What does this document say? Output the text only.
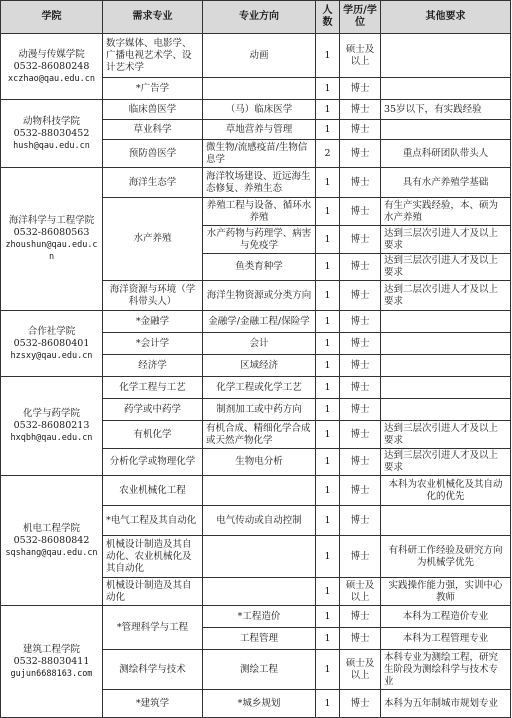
学院	需求专业	专业方向	人数	学历/学位	其他要求

动漫与传媒学院
0532-86080248
xczhao@qau.edu.cn	数字媒体、电影学、广播电视艺术学、设计艺术学	动画	1	硕士及以上	
	*广告学		1	博士	

动物科技学院
0532-88030452
hush@qau.edu.cn	临床兽医学	（马）临床医学	1	博士	35岁以下，有实践经验
	草业科学	草地营养与管理	1	博士	
	预防兽医学	微生物/流感疫苗/生物信息学	2	博士	重点科研团队带头人

海洋科学与工程学院
0532-86080563
zhoushun@qau.edu.cn	海洋生态学	海洋牧场建设、近远海生态修复、养殖生态	1	博士	具有水产养殖学基础
	水产养殖	养殖工程与设备、循环水养殖	1	博士	有生产实践经验，本、硕为水产养殖
		水产药物与药理学、病害与免疫学	1	博士	达到三层次引进人才及以上要求
		鱼类育种学	1	博士	达到三层次引进人才及以上要求
	海洋资源与环境（学科带头人）	海洋生物资源或分类方向	1	博士	达到二层次引进人才及以上要求

合作社学院
0532-86080401
hzsxy@qau.edu.cn	*金融学	金融学/金融工程/保险学	1	博士	
	*会计学	会计	1	博士	
	经济学	区域经济	1	博士	

化学与药学院
0532-86080213
hxqbh@qau.edu.cn	化学工程与工艺	化学工程或化学工艺	1	博士	
	药学或中药学	制剂加工或中药方向	1	博士	
	有机化学	有机合成、精细化学合成或天然产物化学	1	博士	达到三层次引进人才及以上要求
	分析化学或物理化学	生物电分析	1	博士	达到三层次引进人才及以上要求

机电工程学院
0532-86080842
sqshang@qau.edu.cn	农业机械化工程		1	博士	本科为农业机械化及其自动化的优先
	*电气工程及其自动化	电气传动或自动控制	1	博士	
	机械设计制造及其自动化、农业机械化及其自动化		1	博士	有科研工作经验及研究方向为机械学优先
	机械设计制造及其自动化		1	硕士及以上	实践操作能力强，实训中心教师

建筑工程学院
0532-88030411
gujun6688163.com	*管理科学与工程	*工程造价	1	博士	本科为工程造价专业
		工程管理	1	博士	本科为工程管理专业
	测绘科学与技术	测绘工程	1	硕士及以上	本科专业为测绘工程，研究生阶段为测绘科学与技术专业
	*建筑学	*城乡规划	1	博士	本科为五年制城市规划专业
